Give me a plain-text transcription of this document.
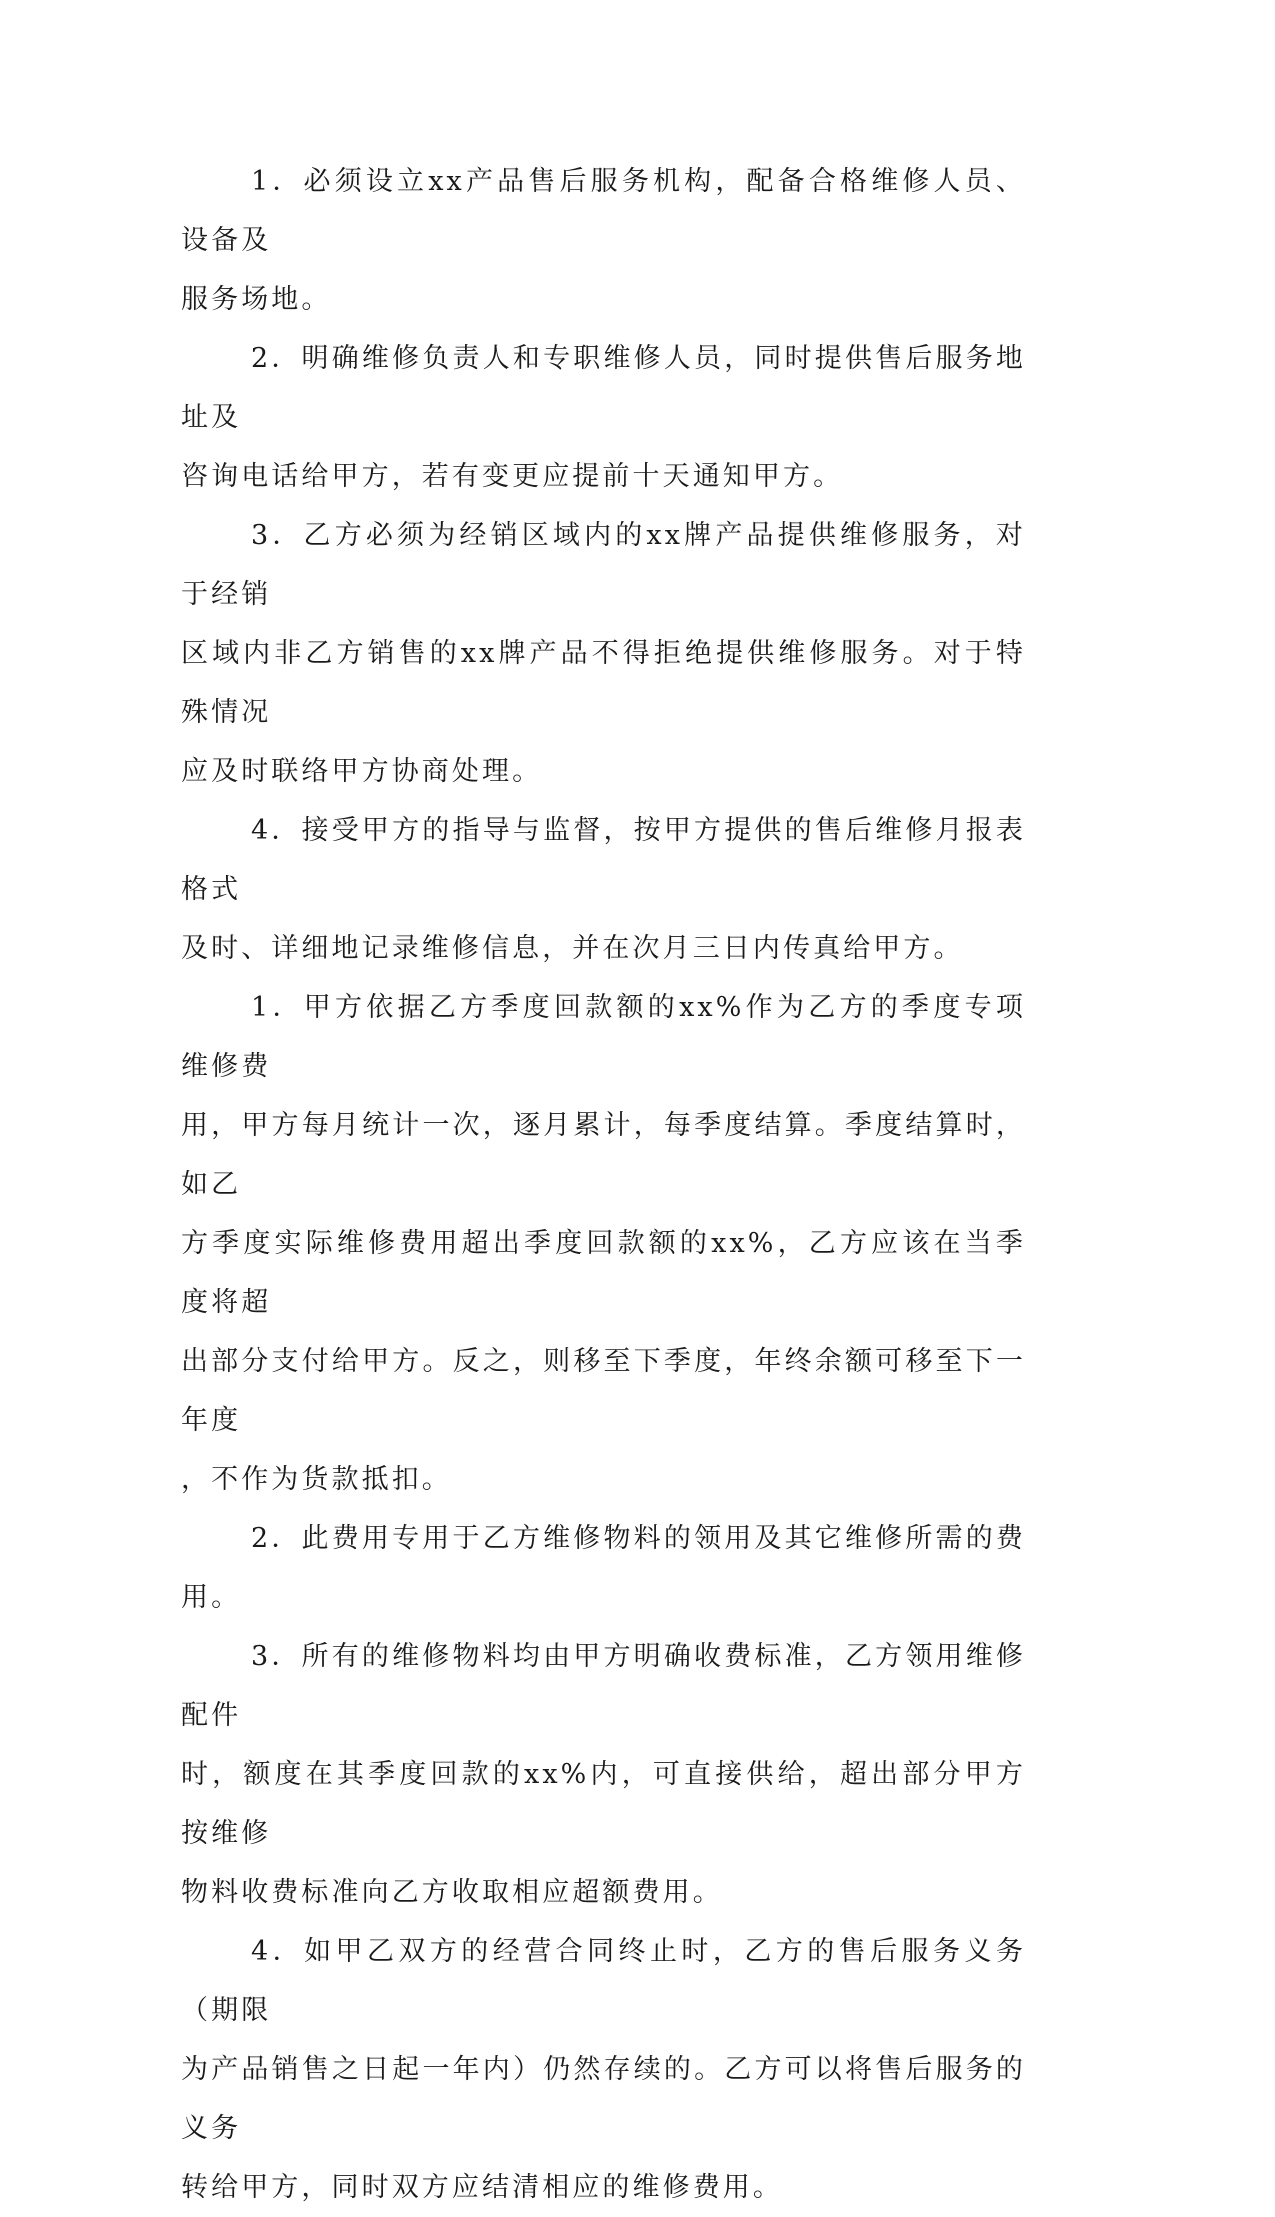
1．必须设立xx产品售后服务机构，配备合格维修人员、设备及
服务场地。

2．明确维修负责人和专职维修人员，同时提供售后服务地址及
咨询电话给甲方，若有变更应提前十天通知甲方。

3．乙方必须为经销区域内的xx牌产品提供维修服务，对于经销
区域内非乙方销售的xx牌产品不得拒绝提供维修服务。对于特殊情况
应及时联络甲方协商处理。

4．接受甲方的指导与监督，按甲方提供的售后维修月报表格式
及时、详细地记录维修信息，并在次月三日内传真给甲方。

1．甲方依据乙方季度回款额的xx%作为乙方的季度专项维修费
用，甲方每月统计一次，逐月累计，每季度结算。季度结算时，如乙
方季度实际维修费用超出季度回款额的xx%，乙方应该在当季度将超
出部分支付给甲方。反之，则移至下季度，年终余额可移至下一年度
，不作为货款抵扣。

2．此费用专用于乙方维修物料的领用及其它维修所需的费用。

3．所有的维修物料均由甲方明确收费标准，乙方领用维修配件
时，额度在其季度回款的xx%内，可直接供给，超出部分甲方按维修
物料收费标准向乙方收取相应超额费用。

4．如甲乙双方的经营合同终止时，乙方的售后服务义务（期限
为产品销售之日起一年内）仍然存续的。乙方可以将售后服务的义务
转给甲方，同时双方应结清相应的维修费用。
